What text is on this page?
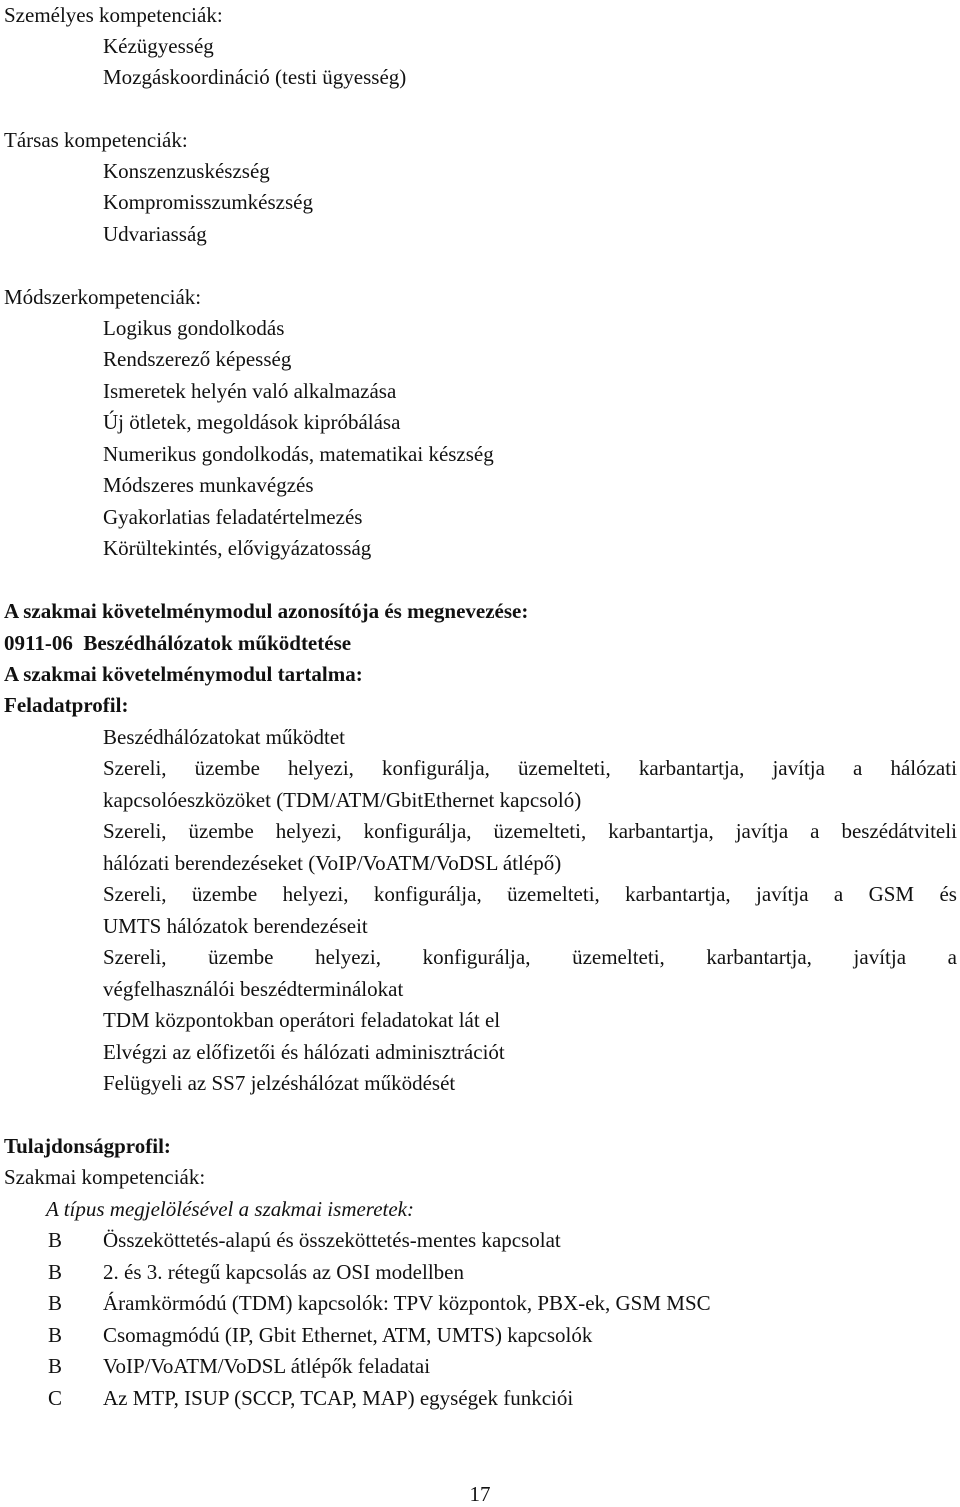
Személyes kompetenciák:
Kézügyesség
Mozgáskoordináció (testi ügyesség)
Társas kompetenciák:
Konszenzuskészség
Kompromisszumkészség
Udvariasság
Módszerkompetenciák:
Logikus gondolkodás
Rendszerező képesség
Ismeretek helyén való alkalmazása
Új ötletek, megoldások kipróbálása
Numerikus gondolkodás, matematikai készség
Módszeres munkavégzés
Gyakorlatias feladatértelmezés
Körültekintés, elővigyázatosság
A szakmai követelménymodul azonosítója és megnevezése:
0911-06  Beszédhálózatok működtetése
A szakmai követelménymodul tartalma:
Feladatprofil:
Beszédhálózatokat működtet
Szereli, üzembe helyezi, konfigurálja, üzemelteti, karbantartja, javítja a hálózati
kapcsolóeszközöket (TDM/ATM/GbitEthernet kapcsoló)
Szereli, üzembe helyezi, konfigurálja, üzemelteti, karbantartja, javítja a beszédátviteli
hálózati berendezéseket (VoIP/VoATM/VoDSL átlépő)
Szereli, üzembe helyezi, konfigurálja, üzemelteti, karbantartja, javítja a GSM és
UMTS hálózatok berendezéseit
Szereli, üzembe helyezi, konfigurálja, üzemelteti, karbantartja, javítja a
végfelhasználói beszédterminálokat
TDM központokban operátori feladatokat lát el
Elvégzi az előfizetői és hálózati adminisztrációt
Felügyeli az SS7 jelzéshálózat működését
Tulajdonságprofil:
Szakmai kompetenciák:
A típus megjelölésével a szakmai ismeretek:
B Összeköttetés-alapú és összeköttetés-mentes kapcsolat
B 2. és 3. rétegű kapcsolás az OSI modellben
B Áramkörmódú (TDM) kapcsolók: TPV központok, PBX-ek, GSM MSC
B Csomagmódú (IP, Gbit Ethernet, ATM, UMTS) kapcsolók
B VoIP/VoATM/VoDSL átlépők feladatai
C Az MTP, ISUP (SCCP, TCAP, MAP) egységek funkciói
17
